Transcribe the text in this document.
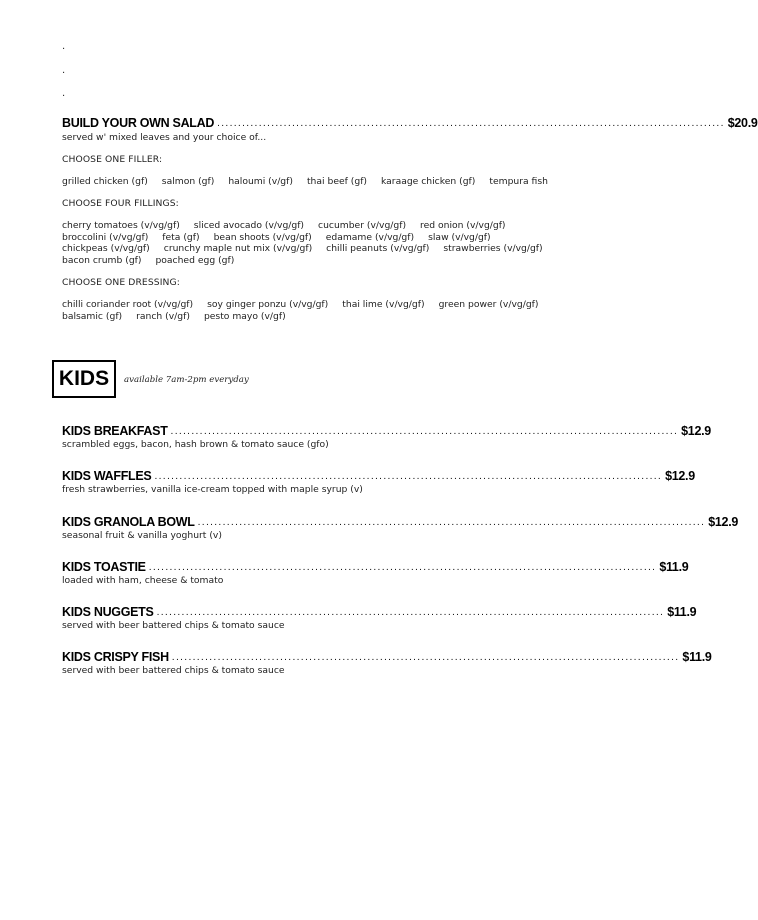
.
.
.
BUILD YOUR OWN SALAD .......................................................................................................................... $20.9
served w' mixed leaves and your choice of...
CHOOSE ONE FILLER:
grilled chicken (gf) salmon (gf) haloumi (v/gf) thai beef (gf) karaage chicken (gf) tempura fish
CHOOSE FOUR FILLINGS:
cherry tomatoes (v/vg/gf) sliced avocado (v/vg/gf) cucumber (v/vg/gf) red onion (v/vg/gf)
broccolini (v/vg/gf) feta (gf) bean shoots (v/vg/gf) edamame (v/vg/gf) slaw (v/vg/gf)
chickpeas (v/vg/gf) crunchy maple nut mix (v/vg/gf) chilli peanuts (v/vg/gf) strawberries (v/vg/gf)
bacon crumb (gf) poached egg (gf)
CHOOSE ONE DRESSING:
chilli coriander root (v/vg/gf) soy ginger ponzu (v/vg/gf) thai lime (v/vg/gf) green power (v/vg/gf)
balsamic (gf) ranch (v/gf) pesto mayo (v/gf)
KIDS available 7am-2pm everyday
KIDS BREAKFAST .......................................................................................................................... $12.9
scrambled eggs, bacon, hash brown & tomato sauce (gfo)
KIDS WAFFLES .......................................................................................................................... $12.9
fresh strawberries, vanilla ice-cream topped with maple syrup (v)
KIDS GRANOLA BOWL .......................................................................................................................... $12.9
seasonal fruit & vanilla yoghurt (v)
KIDS TOASTIE .......................................................................................................................... $11.9
loaded with ham, cheese & tomato
KIDS NUGGETS .......................................................................................................................... $11.9
served with beer battered chips & tomato sauce
KIDS CRISPY FISH .......................................................................................................................... $11.9
served with beer battered chips & tomato sauce
